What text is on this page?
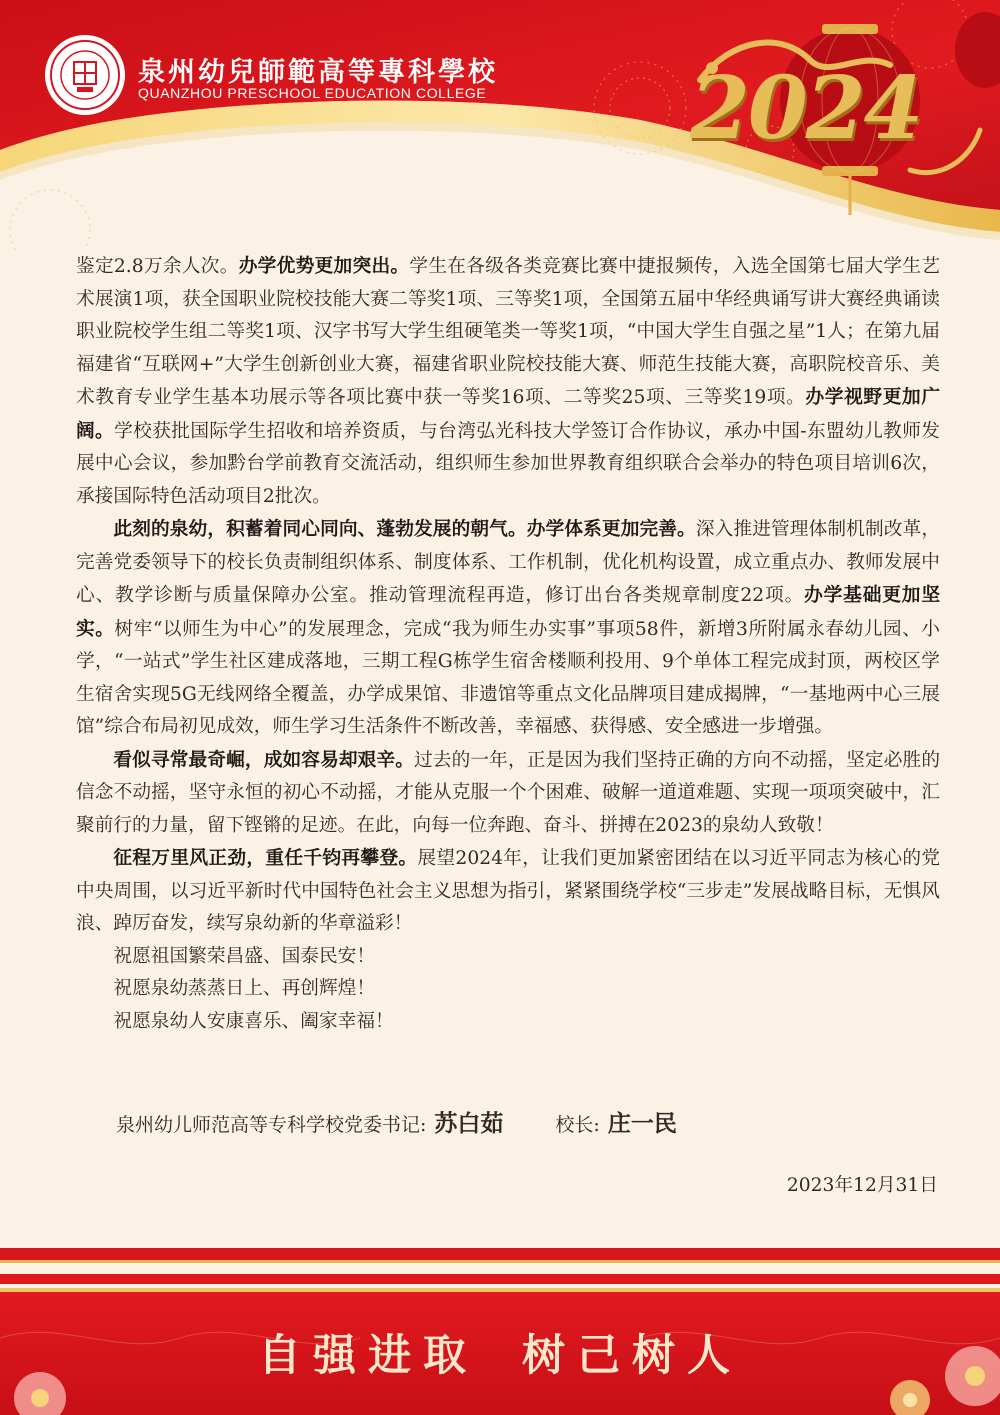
泉州幼兒師範高等專科學校
QUANZHOU PRESCHOOL EDUCATION COLLEGE 2024

鉴定2.8万余人次。办学优势更加突出。学生在各级各类竞赛比赛中捷报频传，入选全国第七届大学生艺术展演1项，获全国职业院校技能大赛二等奖1项、三等奖1项，全国第五届中华经典诵写讲大赛经典诵读职业院校学生组二等奖1项、汉字书写大学生组硬笔类一等奖1项，“中国大学生自强之星”1人；在第九届福建省“互联网+”大学生创新创业大赛，福建省职业院校技能大赛、师范生技能大赛，高职院校音乐、美术教育专业学生基本功展示等各项比赛中获一等奖16项、二等奖25项、三等奖19项。办学视野更加广阔。学校获批国际学生招收和培养资质，与台湾弘光科技大学签订合作协议，承办中国-东盟幼儿教师发展中心会议，参加黔台学前教育交流活动，组织师生参加世界教育组织联合会举办的特色项目培训6次，承接国际特色活动项目2批次。

此刻的泉幼，积蓄着同心同向、蓬勃发展的朝气。办学体系更加完善。深入推进管理体制机制改革，完善党委领导下的校长负责制组织体系、制度体系、工作机制，优化机构设置，成立重点办、教师发展中心、教学诊断与质量保障办公室。推动管理流程再造，修订出台各类规章制度22项。办学基础更加坚实。树牢“以师生为中心”的发展理念，完成“我为师生办实事”事项58件，新增3所附属永春幼儿园、小学，“一站式”学生社区建成落地，三期工程G栋学生宿舍楼顺利投用、9个单体工程完成封顶，两校区学生宿舍实现5G无线网络全覆盖，办学成果馆、非遗馆等重点文化品牌项目建成揭牌，“一基地两中心三展馆”综合布局初见成效，师生学习生活条件不断改善，幸福感、获得感、安全感进一步增强。

看似寻常最奇崛，成如容易却艰辛。过去的一年，正是因为我们坚持正确的方向不动摇，坚定必胜的信念不动摇，坚守永恒的初心不动摇，才能从克服一个个困难、破解一道道难题、实现一项项突破中，汇聚前行的力量，留下铿锵的足迹。在此，向每一位奔跑、奋斗、拼搏在2023的泉幼人致敬！

征程万里风正劲，重任千钧再攀登。展望2024年，让我们更加紧密团结在以习近平同志为核心的党中央周围，以习近平新时代中国特色社会主义思想为指引，紧紧围绕学校“三步走”发展战略目标，无惧风浪、踔厉奋发，续写泉幼新的华章溢彩！

祝愿祖国繁荣昌盛、国泰民安！

祝愿泉幼蒸蒸日上、再创辉煌！

祝愿泉幼人安康喜乐、阖家幸福！

泉州幼儿师范高等专科学校党委书记: 苏白茹	校长: 庄一民
2023年12月31日
自强进取 树己树人
